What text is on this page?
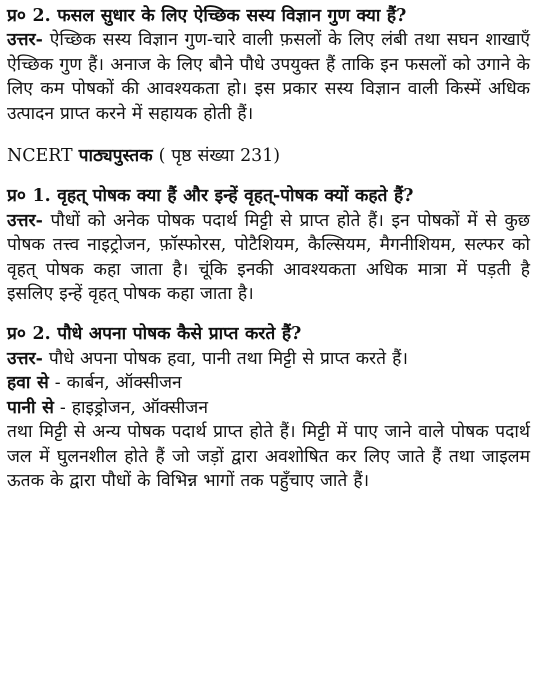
प्र० 2. फसल सुधार के लिए ऐच्छिक सस्य विज्ञान गुण क्या हैं?

उत्तर- ऐच्छिक सस्य विज्ञान गुण-चारे वाली फ़सलों के लिए लंबी तथा सघन शाखाएँ ऐच्छिक गुण हैं। अनाज के लिए बौने पौधे उपयुक्त हैं ताकि इन फसलों को उगाने के लिए कम पोषकों की आवश्यकता हो। इस प्रकार सस्य विज्ञान वाली किस्में अधिक उत्पादन प्राप्त करने में सहायक होती हैं।

NCERT पाठ्यपुस्तक ( पृष्ठ संख्या 231)

प्र० 1. वृहत् पोषक क्या हैं और इन्हें वृहत्-पोषक क्यों कहते हैं?

उत्तर- पौधों को अनेक पोषक पदार्थ मिट्टी से प्राप्त होते हैं। इन पोषकों में से कुछ पोषक तत्त्व नाइट्रोजन, फ़ॉस्फोरस, पोटैशियम, कैल्सियम, मैगनीशियम, सल्फर को वृहत् पोषक कहा जाता है। चूंकि इनकी आवश्यकता अधिक मात्रा में पड़ती है इसलिए इन्हें वृहत् पोषक कहा जाता है।

प्र० 2. पौधे अपना पोषक कैसे प्राप्त करते हैं?

उत्तर- पौधे अपना पोषक हवा, पानी तथा मिट्टी से प्राप्त करते हैं।

हवा से - कार्बन, ऑक्सीजन

पानी से - हाइड्रोजन, ऑक्सीजन

तथा मिट्टी से अन्य पोषक पदार्थ प्राप्त होते हैं। मिट्टी में पाए जाने वाले पोषक पदार्थ जल में घुलनशील होते हैं जो जड़ों द्वारा अवशोषित कर लिए जाते हैं तथा जाइलम ऊतक के द्वारा पौधों के विभिन्न भागों तक पहुँचाए जाते हैं।
